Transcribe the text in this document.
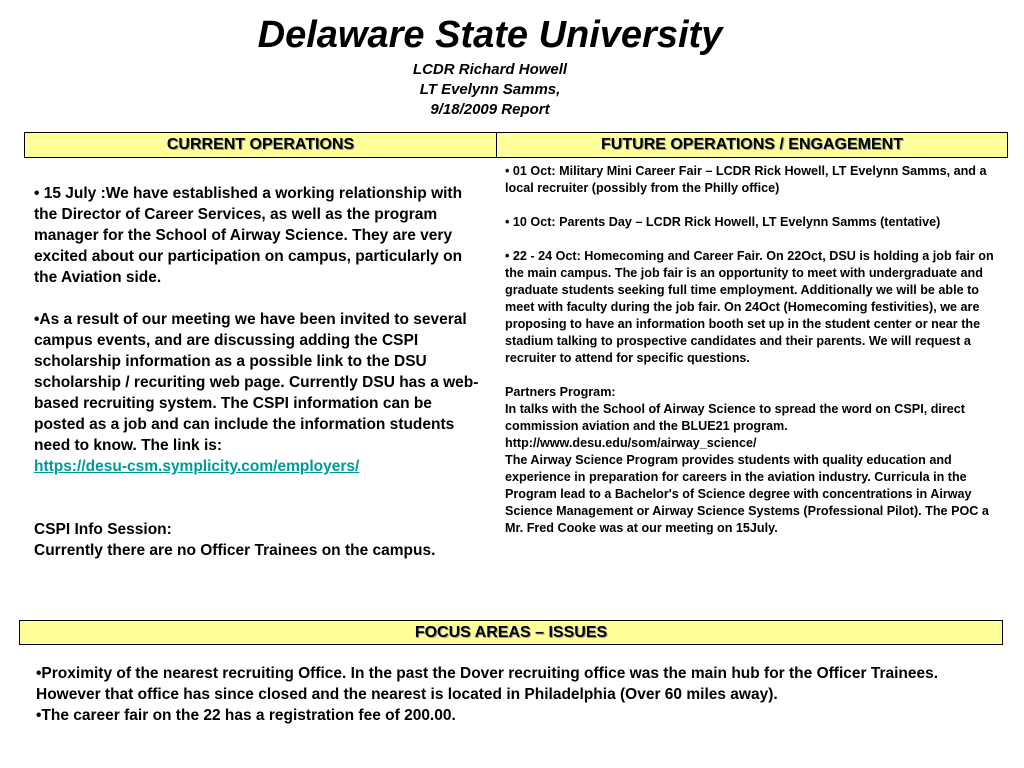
Delaware State University
LCDR Richard Howell
LT Evelynn Samms,
9/18/2009 Report
CURRENT OPERATIONS	FUTURE OPERATIONS / ENGAGEMENT

• 15 July :We have established a working relationship with the Director of Career Services, as well as the program manager for the School of Airway Science. They are very excited about our participation on campus, particularly on the Aviation side.

•As a result of our meeting we have been invited to several campus events, and are discussing adding the CSPI scholarship information as a possible link to the DSU scholarship / recuriting web page. Currently DSU has a web-based recruiting system. The CSPI information can be posted as a job and can include the information students need to know. The link is:
https://desu-csm.symplicity.com/employers/

CSPI Info Session:
Currently there are no Officer Trainees on the campus.

• 01 Oct: Military Mini Career Fair – LCDR Rick Howell, LT Evelynn Samms, and a local recruiter (possibly from the Philly office)

• 10 Oct: Parents Day – LCDR Rick Howell, LT Evelynn Samms (tentative)

• 22 - 24 Oct: Homecoming and Career Fair. On 22Oct, DSU is holding a job fair on the main campus. The job fair is an opportunity to meet with undergraduate and graduate students seeking full time employment. Additionally we will be able to meet with faculty during the job fair. On 24Oct (Homecoming festivities), we are proposing to have an information booth set up in the student center or near the stadium talking to prospective candidates and their parents. We will request a recruiter to attend for specific questions.

Partners Program:
In talks with the School of Airway Science to spread the word on CSPI, direct commission aviation and the BLUE21 program.
http://www.desu.edu/som/airway_science/
The Airway Science Program provides students with quality education and experience in preparation for careers in the aviation industry. Curricula in the Program lead to a Bachelor's of Science degree with concentrations in Airway Science Management or Airway Science Systems (Professional Pilot). The POC a Mr. Fred Cooke was at our meeting on 15July.

FOCUS AREAS – ISSUES

•Proximity of the nearest recruiting Office. In the past the Dover recruiting office was the main hub for the Officer Trainees. However that office has since closed and the nearest is located in Philadelphia (Over 60 miles away).

•The career fair on the 22 has a registration fee of 200.00.
